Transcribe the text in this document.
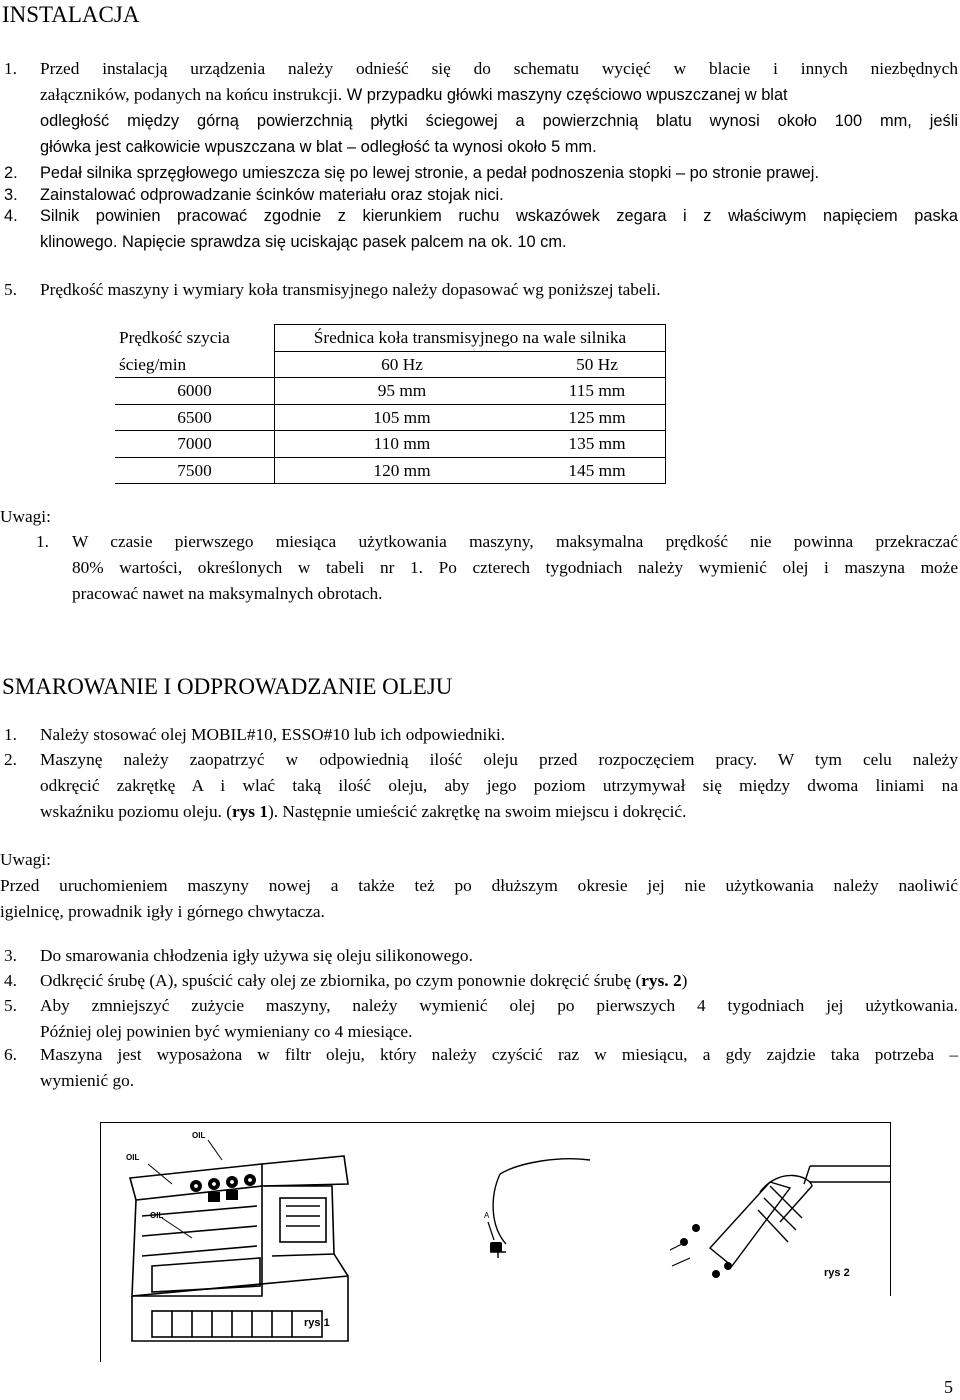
INSTALACJA
1. Przed instalacją urządzenia należy odnieść się do schematu wycięć w blacie i innych niezbędnych
załączników, podanych na końcu instrukcji. W przypadku główki maszyny częściowo wpuszczanej w blat
odległość między górną powierzchnią płytki ściegowej a powierzchnią blatu wynosi około 100 mm, jeśli
główka jest całkowicie wpuszczana w blat – odległość ta wynosi około 5 mm.
2. Pedał silnika sprzęgłowego umieszcza się po lewej stronie, a pedał podnoszenia stopki – po stronie prawej.
3. Zainstalować odprowadzanie ścinków materiału oraz stojak nici.
4. Silnik powinien pracować zgodnie z kierunkiem ruchu wskazówek zegara i z właściwym napięciem paska
klinowego. Napięcie sprawdza się uciskając pasek palcem na ok. 10 cm.
5. Prędkość maszyny i wymiary koła transmisyjnego należy dopasować wg poniższej tabeli.
Prędkość szycia	Średnica koła transmisyjnego na wale silnika	
ścieg/min	60 Hz	50 Hz
6000	95 mm	115 mm
6500	105 mm	125 mm
7000	110 mm	135 mm
7500	120 mm	145 mm
Uwagi:
1. W czasie pierwszego miesiąca użytkowania maszyny, maksymalna prędkość nie powinna przekraczać
80% wartości, określonych w tabeli nr 1. Po czterech tygodniach należy wymienić olej i maszyna może
pracować nawet na maksymalnych obrotach.
SMAROWANIE I ODPROWADZANIE OLEJU
1. Należy stosować olej MOBIL#10, ESSO#10 lub ich odpowiedniki.
2. Maszynę należy zaopatrzyć w odpowiednią ilość oleju przed rozpoczęciem pracy. W tym celu należy
odkręcić zakrętkę A i wlać taką ilość oleju, aby jego poziom utrzymywał się między dwoma liniami na
wskaźniku poziomu oleju. (rys 1). Następnie umieścić zakrętkę na swoim miejscu i dokręcić.
Uwagi:
Przed uruchomieniem maszyny nowej a także też po dłuższym okresie jej nie użytkowania należy naoliwić
igielnicę, prowadnik igły i górnego chwytacza.
3. Do smarowania chłodzenia igły używa się oleju silikonowego.
4. Odkręcić śrubę (A), spuścić cały olej ze zbiornika, po czym ponownie dokręcić śrubę (rys. 2)
5. Aby zmniejszyć zużycie maszyny, należy wymienić olej po pierwszych 4 tygodniach jej użytkowania.
Później olej powinien być wymieniany co 4 miesiące.
6. Maszyna jest wyposażona w filtr oleju, który należy czyścić raz w miesiącu, a gdy zajdzie taka potrzeba –
wymienić go.
OIL
OIL
OIL
rys 1
A
rys 2
5
